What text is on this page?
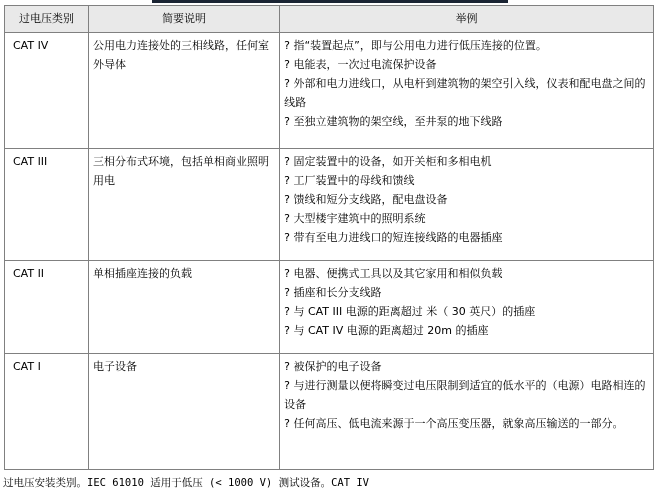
过电压类别	简要说明	举例
CAT IV	公用电力连接处的三相线路，任何室外导体	? 指“装置起点”，即与公用电力进行低压连接的位置。
? 电能表，一次过电流保护设备
? 外部和电力进线口，从电杆到建筑物的架空引入线，仪表和配电盘之间的线路
? 至独立建筑物的架空线，至井泵的地下线路

CAT III	三相分布式环境，包括单相商业照明用电	? 固定装置中的设备，如开关柜和多相电机
? 工厂装置中的母线和馈线
? 馈线和短分支线路，配电盘设备
? 大型楼宇建筑中的照明系统
? 带有至电力进线口的短连接线路的电器插座

CAT II	单相插座连接的负载	? 电器、便携式工具以及其它家用和相似负载
? 插座和长分支线路
? 与 CAT III 电源的距离超过 米（ 30 英尺）的插座
? 与 CAT IV 电源的距离超过 20m 的插座

CAT I	电子设备	? 被保护的电子设备
? 与进行测量以便将瞬变过电压限制到适宜的低水平的（电源）电路相连的设备
? 任何高压、低电流来源于一个高压变压器，就象高压输送的一部分。
过电压安装类别。IEC 61010 适用于低压 (< 1000 V) 测试设备。CAT IV
